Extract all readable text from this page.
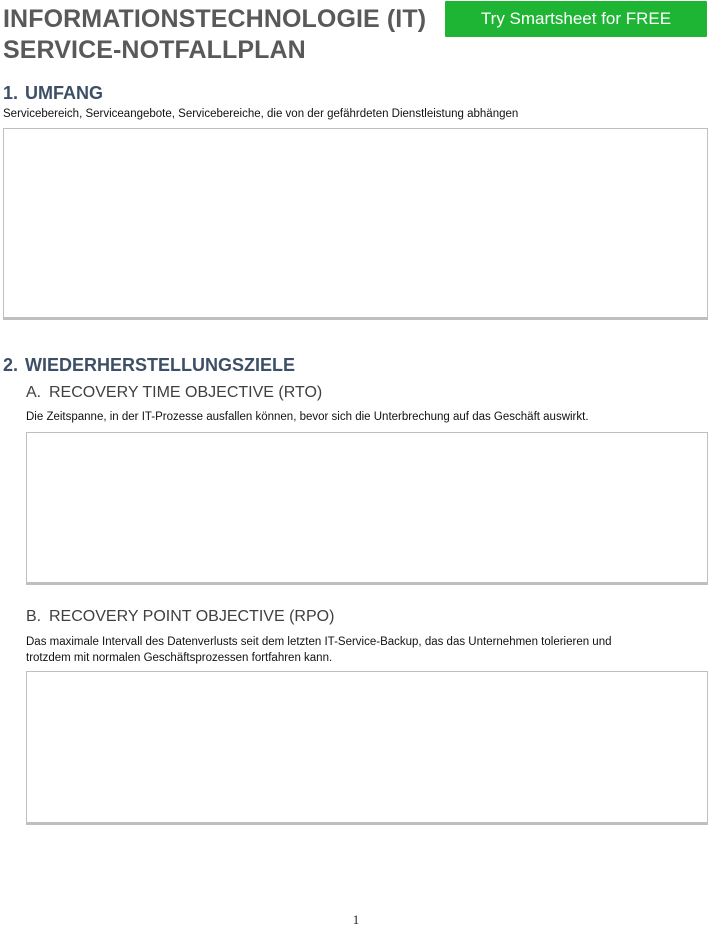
INFORMATIONSTECHNOLOGIE (IT)
SERVICE-NOTFALLPLAN
Try Smartsheet for FREE
1. UMFANG

Servicebereich, Serviceangebote, Servicebereiche, die von der gefährdeten Dienstleistung abhängen

2. WIEDERHERSTELLUNGSZIELE
A. RECOVERY TIME OBJECTIVE (RTO)

Die Zeitspanne, in der IT-Prozesse ausfallen können, bevor sich die Unterbrechung auf das Geschäft auswirkt.

B. RECOVERY POINT OBJECTIVE (RPO)

Das maximale Intervall des Datenverlusts seit dem letzten IT-Service-Backup, das das Unternehmen tolerieren und
trotzdem mit normalen Geschäftsprozessen fortfahren kann.

1
